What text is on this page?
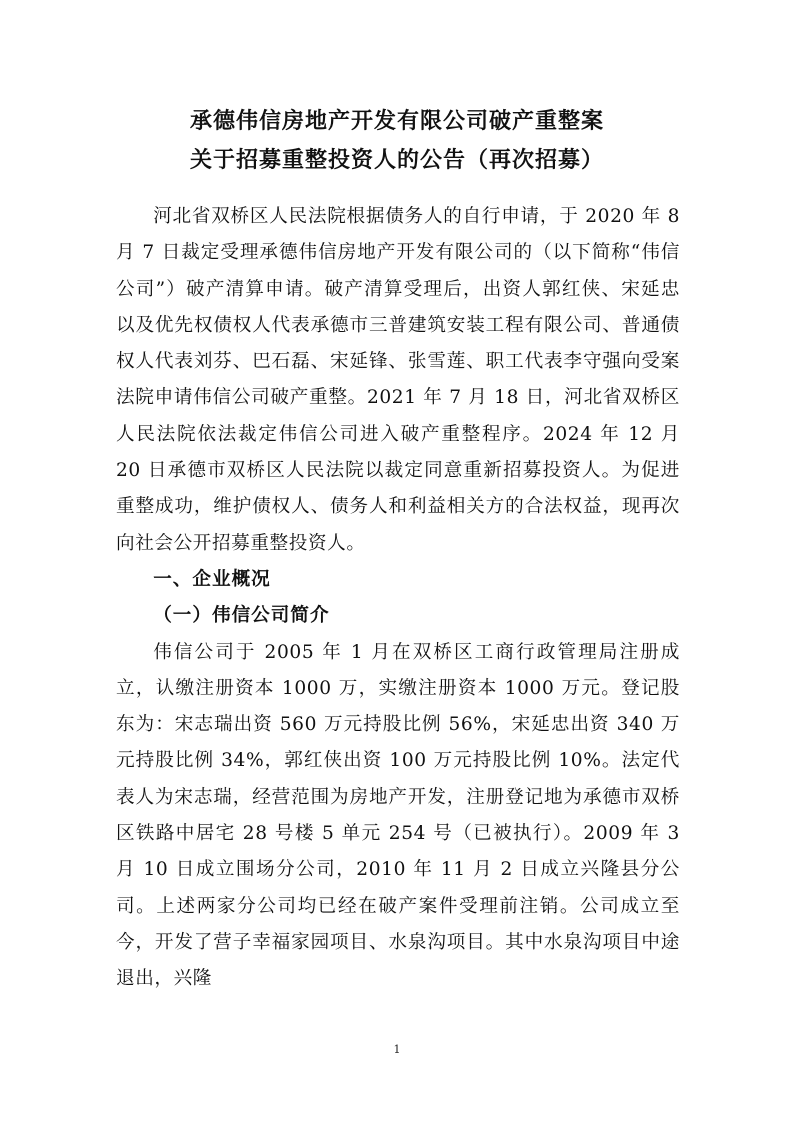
承德伟信房地产开发有限公司破产重整案
关于招募重整投资人的公告（再次招募）

河北省双桥区人民法院根据债务人的自行申请，于 2020 年 8 月 7 日裁定受理承德伟信房地产开发有限公司的（以下简称“伟信公司”）破产清算申请。破产清算受理后，出资人郭红侠、宋延忠以及优先权债权人代表承德市三普建筑安装工程有限公司、普通债权人代表刘芬、巴石磊、宋延锋、张雪莲、职工代表李守强向受案法院申请伟信公司破产重整。2021 年 7 月 18 日，河北省双桥区人民法院依法裁定伟信公司进入破产重整程序。2024 年 12 月 20 日承德市双桥区人民法院以裁定同意重新招募投资人。为促进重整成功，维护债权人、债务人和利益相关方的合法权益，现再次向社会公开招募重整投资人。

一、企业概况
（一）伟信公司简介

伟信公司于 2005 年 1 月在双桥区工商行政管理局注册成立，认缴注册资本 1000 万，实缴注册资本 1000 万元。登记股东为：宋志瑞出资 560 万元持股比例 56%，宋延忠出资 340 万元持股比例 34%，郭红侠出资 100 万元持股比例 10%。法定代表人为宋志瑞，经营范围为房地产开发，注册登记地为承德市双桥区铁路中居宅 28 号楼 5 单元 254 号（已被执行）。2009 年 3 月 10 日成立围场分公司，2010 年 11 月 2 日成立兴隆县分公司。上述两家分公司均已经在破产案件受理前注销。公司成立至今，开发了营子幸福家园项目、水泉沟项目。其中水泉沟项目中途退出，兴隆

1
